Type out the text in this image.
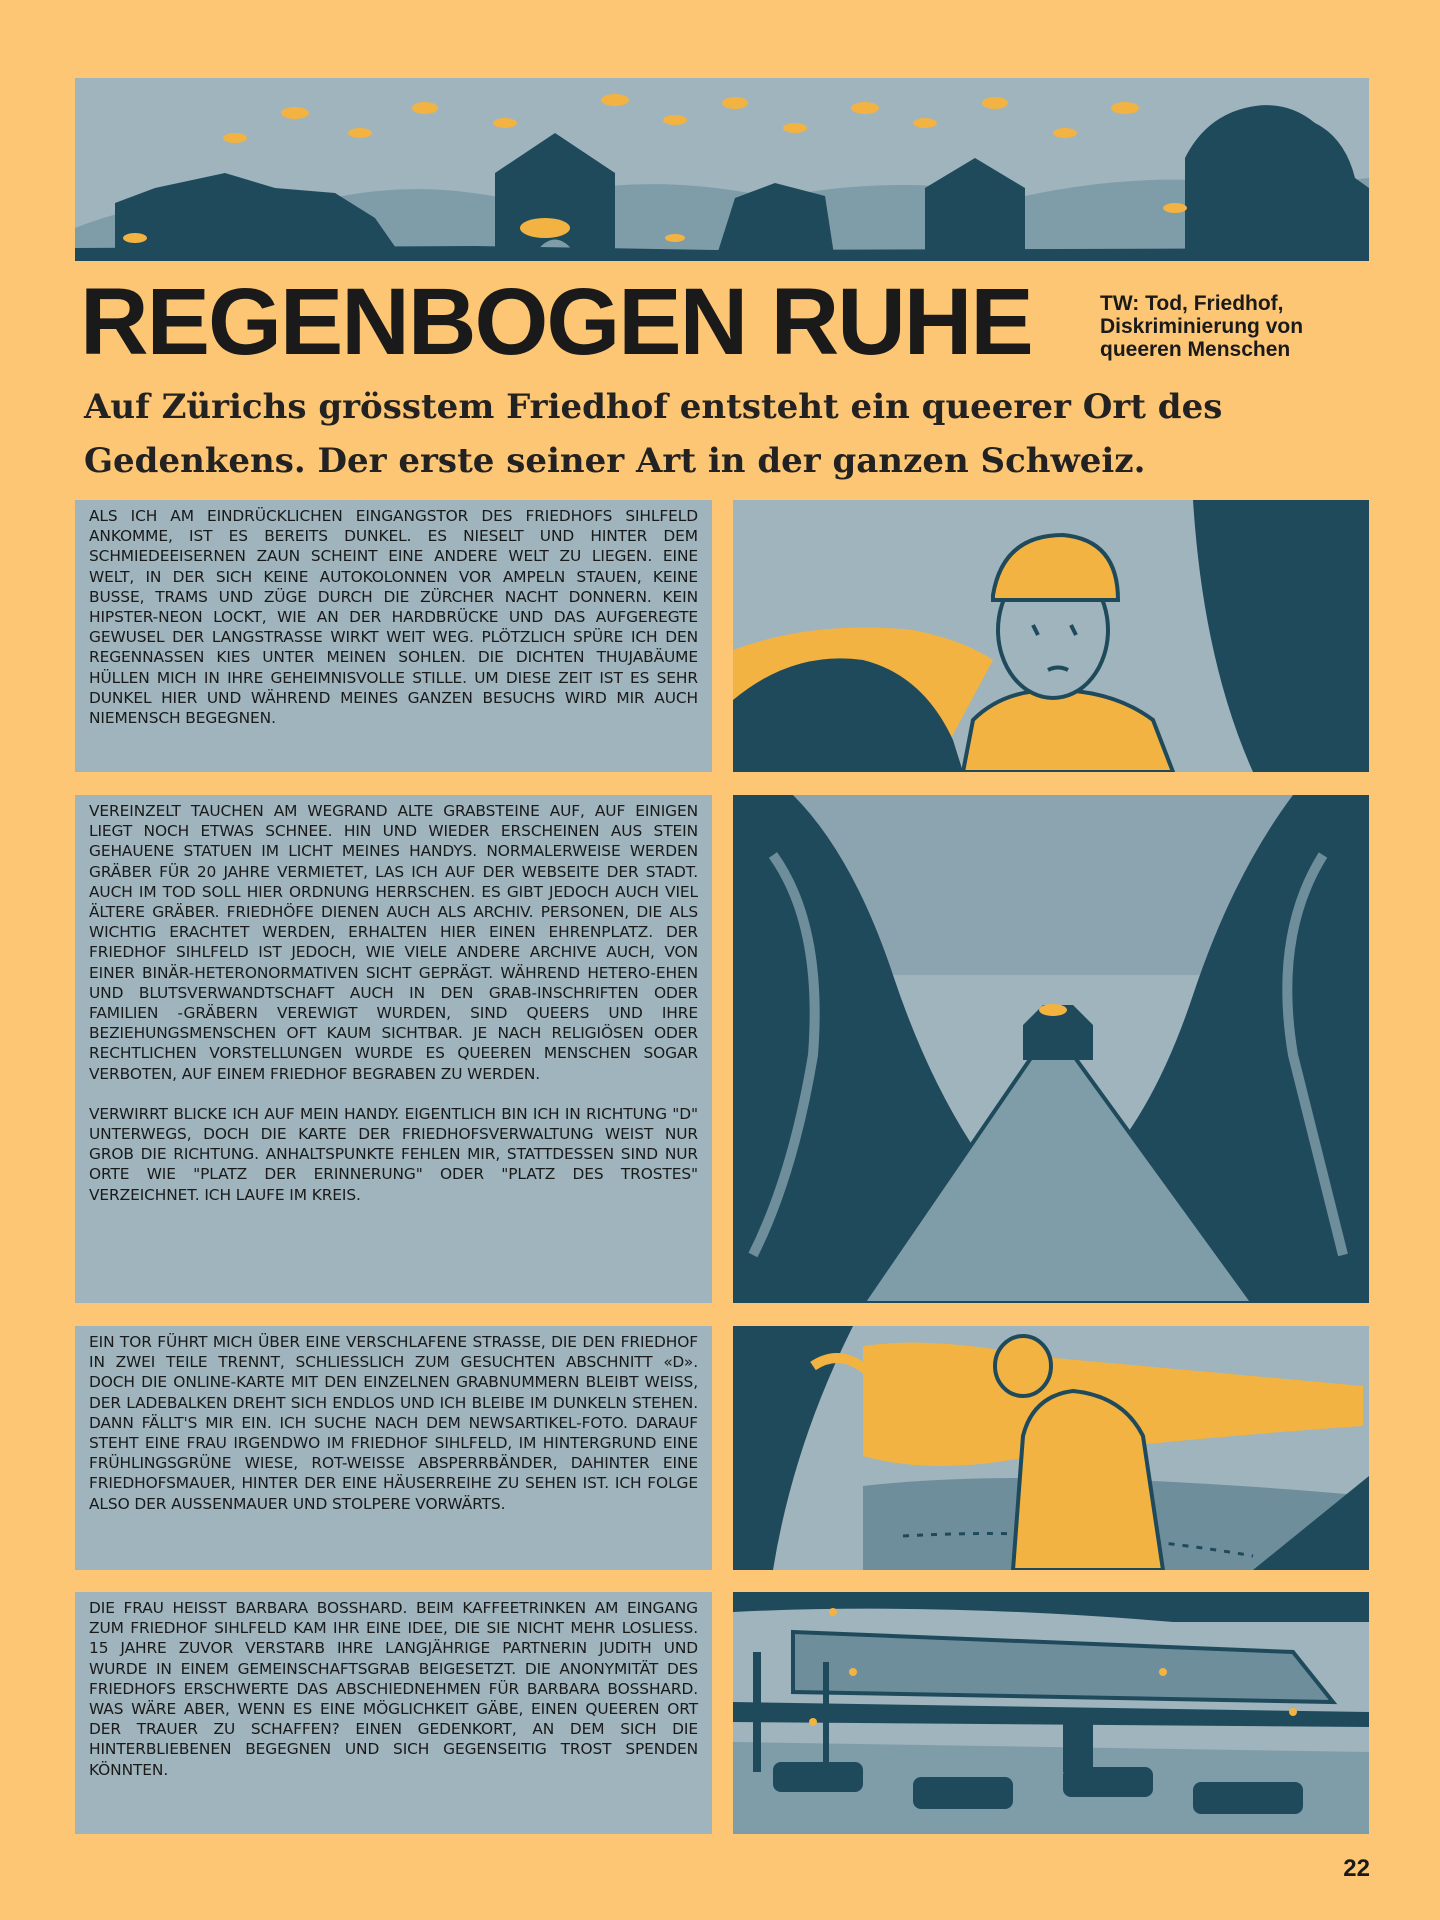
REGENBOGEN RUHE	TW: Tod, Friedhof, Diskriminierung von queeren Menschen

Auf Zürichs grösstem Friedhof entsteht ein queerer Ort des Gedenkens. Der erste seiner Art in der ganzen Schweiz.

ALS ICH AM EINDRÜCKLICHEN EINGANGSTOR DES FRIEDHOFS SIHLFELD ANKOMME, IST ES BEREITS DUNKEL. ES NIESELT UND HINTER DEM SCHMIEDEEISERNEN ZAUN SCHEINT EINE ANDERE WELT ZU LIEGEN. EINE WELT, IN DER SICH KEINE AUTOKOLONNEN VOR AMPELN STAUEN, KEINE BUSSE, TRAMS UND ZÜGE DURCH DIE ZÜRCHER NACHT DONNERN. KEIN HIPSTER-NEON LOCKT, WIE AN DER HARDBRÜCKE UND DAS AUFGEREGTE GEWUSEL DER LANGSTRASSE WIRKT WEIT WEG. PLÖTZLICH SPÜRE ICH DEN REGENNASSEN KIES UNTER MEINEN SOHLEN. DIE DICHTEN THUJABÄUME HÜLLEN MICH IN IHRE GEHEIMNISVOLLE STILLE. UM DIESE ZEIT IST ES SEHR DUNKEL HIER UND WÄHREND MEINES GANZEN BESUCHS WIRD MIR AUCH NIEMENSCH BEGEGNEN.

VEREINZELT TAUCHEN AM WEGRAND ALTE GRABSTEINE AUF, AUF EINIGEN LIEGT NOCH ETWAS SCHNEE. HIN UND WIEDER ERSCHEINEN AUS STEIN GEHAUENE STATUEN IM LICHT MEINES HANDYS. NORMALERWEISE WERDEN GRÄBER FÜR 20 JAHRE VERMIETET, LAS ICH AUF DER WEBSEITE DER STADT. AUCH IM TOD SOLL HIER ORDNUNG HERRSCHEN. ES GIBT JEDOCH AUCH VIEL ÄLTERE GRÄBER. FRIEDHÖFE DIENEN AUCH ALS ARCHIV. PERSONEN, DIE ALS WICHTIG ERACHTET WERDEN, ERHALTEN HIER EINEN EHRENPLATZ. DER FRIEDHOF SIHLFELD IST JEDOCH, WIE VIELE ANDERE ARCHIVE AUCH, VON EINER BINÄR-HETERONORMATIVEN SICHT GEPRÄGT. WÄHREND HETERO-EHEN UND BLUTSVERWANDTSCHAFT AUCH IN DEN GRAB-INSCHRIFTEN ODER FAMILIEN -GRÄBERN VEREWIGT WURDEN, SIND QUEERS UND IHRE BEZIEHUNGSMENSCHEN OFT KAUM SICHTBAR. JE NACH RELIGIÖSEN ODER RECHTLICHEN VORSTELLUNGEN WURDE ES QUEEREN MENSCHEN SOGAR VERBOTEN, AUF EINEM FRIEDHOF BEGRABEN ZU WERDEN.

VERWIRRT BLICKE ICH AUF MEIN HANDY. EIGENTLICH BIN ICH IN RICHTUNG "D" UNTERWEGS, DOCH DIE KARTE DER FRIEDHOFSVERWALTUNG WEIST NUR GROB DIE RICHTUNG. ANHALTSPUNKTE FEHLEN MIR, STATTDESSEN SIND NUR ORTE WIE "PLATZ DER ERINNERUNG" ODER "PLATZ DES TROSTES" VERZEICHNET. ICH LAUFE IM KREIS.

EIN TOR FÜHRT MICH ÜBER EINE VERSCHLAFENE STRASSE, DIE DEN FRIEDHOF IN ZWEI TEILE TRENNT, SCHLIESSLICH ZUM GESUCHTEN ABSCHNITT «D». DOCH DIE ONLINE-KARTE MIT DEN EINZELNEN GRABNUMMERN BLEIBT WEISS, DER LADEBALKEN DREHT SICH ENDLOS UND ICH BLEIBE IM DUNKELN STEHEN. DANN FÄLLT'S MIR EIN. ICH SUCHE NACH DEM NEWSARTIKEL-FOTO. DARAUF STEHT EINE FRAU IRGENDWO IM FRIEDHOF SIHLFELD, IM HINTERGRUND EINE FRÜHLINGSGRÜNE WIESE, ROT-WEISSE ABSPERRBÄNDER, DAHINTER EINE FRIEDHOFSMAUER, HINTER DER EINE HÄUSERREIHE ZU SEHEN IST. ICH FOLGE ALSO DER AUSSENMAUER UND STOLPERE VORWÄRTS.

hotd

DIE FRAU HEISST BARBARA BOSSHARD. BEIM KAFFEETRINKEN AM EINGANG ZUM FRIEDHOF SIHLFELD KAM IHR EINE IDEE, DIE SIE NICHT MEHR LOSLIESS. 15 JAHRE ZUVOR VERSTARB IHRE LANGJÄHRIGE PARTNERIN JUDITH UND WURDE IN EINEM GEMEINSCHAFTSGRAB BEIGESETZT. DIE ANONYMITÄT DES FRIEDHOFS ERSCHWERTE DAS ABSCHIEDNEHMEN FÜR BARBARA BOSSHARD. WAS WÄRE ABER, WENN ES EINE MÖGLICHKEIT GÄBE, EINEN QUEEREN ORT DER TRAUER ZU SCHAFFEN? EINEN GEDENKORT, AN DEM SICH DIE HINTERBLIEBENEN BEGEGNEN UND SICH GEGENSEITIG TROST SPENDEN KÖNNTEN.

22
